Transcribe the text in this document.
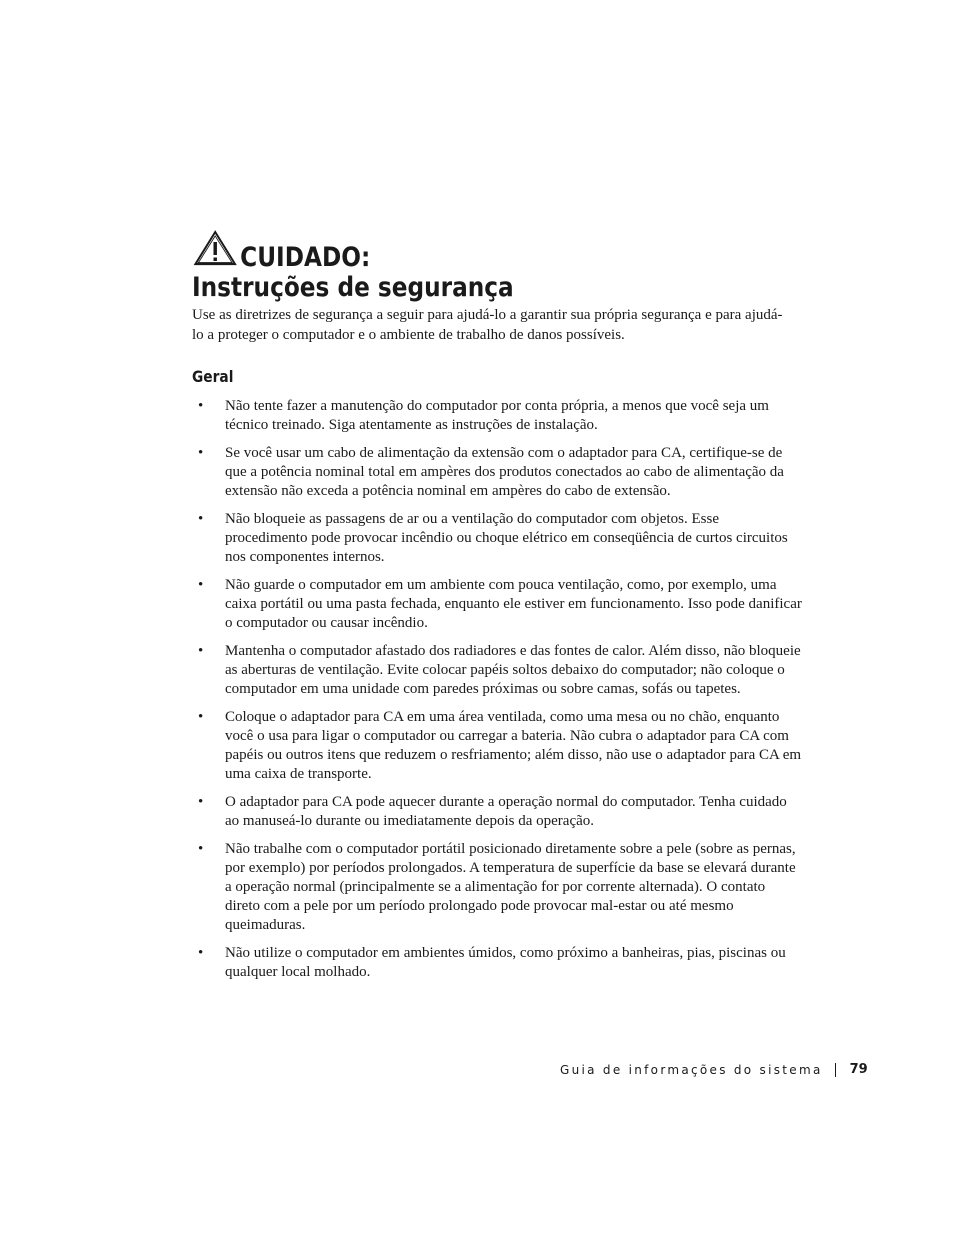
CUIDADO:
Instruções de segurança

Use as diretrizes de segurança a seguir para ajudá-lo a garantir sua própria segurança e para ajudá-lo a proteger o computador e o ambiente de trabalho de danos possíveis.

Geral
• Não tente fazer a manutenção do computador por conta própria, a menos que você seja um técnico treinado. Siga atentamente as instruções de instalação.
• Se você usar um cabo de alimentação da extensão com o adaptador para CA, certifique-se de que a potência nominal total em ampères dos produtos conectados ao cabo de alimentação da extensão não exceda a potência nominal em ampères do cabo de extensão.
• Não bloqueie as passagens de ar ou a ventilação do computador com objetos. Esse procedimento pode provocar incêndio ou choque elétrico em conseqüência de curtos circuitos nos componentes internos.
• Não guarde o computador em um ambiente com pouca ventilação, como, por exemplo, uma caixa portátil ou uma pasta fechada, enquanto ele estiver em funcionamento. Isso pode danificar o computador ou causar incêndio.
• Mantenha o computador afastado dos radiadores e das fontes de calor. Além disso, não bloqueie as aberturas de ventilação. Evite colocar papéis soltos debaixo do computador; não coloque o computador em uma unidade com paredes próximas ou sobre camas, sofás ou tapetes.
• Coloque o adaptador para CA em uma área ventilada, como uma mesa ou no chão, enquanto você o usa para ligar o computador ou carregar a bateria. Não cubra o adaptador para CA com papéis ou outros itens que reduzem o resfriamento; além disso, não use o adaptador para CA em uma caixa de transporte.
• O adaptador para CA pode aquecer durante a operação normal do computador. Tenha cuidado ao manuseá-lo durante ou imediatamente depois da operação.
• Não trabalhe com o computador portátil posicionado diretamente sobre a pele (sobre as pernas, por exemplo) por períodos prolongados. A temperatura de superfície da base se elevará durante a operação normal (principalmente se a alimentação for por corrente alternada). O contato direto com a pele por um período prolongado pode provocar mal-estar ou até mesmo queimaduras.
• Não utilize o computador em ambientes úmidos, como próximo a banheiras, pias, piscinas ou qualquer local molhado.
Guia de informações do sistema 79
